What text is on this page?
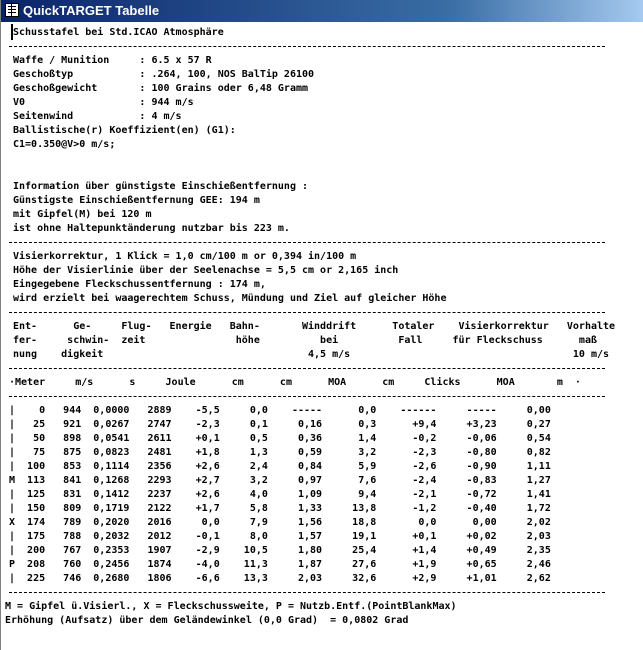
QuickTARGET Tabelle
Schusstafel bei Std.ICAO Atmosphäre
Waffe / Munition     : 6.5 x 57 R
Geschoßtyp           : .264, 100, NOS BalTip 26100
Geschoßgewicht       : 100 Grains oder 6,48 Gramm
V0                   : 944 m/s
Seitenwind           : 4 m/s
Ballistische(r) Koeffizient(en) (G1):
C1=0.350@V>0 m/s;
Information über günstigste Einschießentfernung :
Günstigste Einschießentfernung GEE: 194 m
mit Gipfel(M) bei 120 m
ist ohne Haltepunktänderung nutzbar bis 223 m.
Visierkorrektur, 1 Klick = 1,0 cm/100 m or 0,394 in/100 m
Höhe der Visierlinie über der Seelenachse = 5,5 cm or 2,165 inch
Eingegebene Fleckschussentfernung : 174 m,
wird erzielt bei waagerechtem Schuss, Mündung und Ziel auf gleicher Höhe
Ent-      Ge-     Flug-   Energie   Bahn-       Winddrift      Totaler    Visierkorrektur   Vorhalte
fer-     schwin-  zeit               höhe          bei          Fall     für Fleckschuss      maß
nung    digkeit                                  4,5 m/s                                     10 m/s
·Meter     m/s      s     Joule      cm      cm      MOA      cm     Clicks      MOA       m  ·
|    0   944  0,0000   2889    -5,5     0,0    -----      0,0    ------     -----     0,00
|   25   921  0,0267   2747    -2,3     0,1     0,16      0,3      +9,4     +3,23     0,27
|   50   898  0,0541   2611    +0,1     0,5     0,36      1,4      -0,2     -0,06     0,54
|   75   875  0,0823   2481    +1,8     1,3     0,59      3,2      -2,3     -0,80     0,82
|  100   853  0,1114   2356    +2,6     2,4     0,84      5,9      -2,6     -0,90     1,11
M  113   841  0,1268   2293    +2,7     3,2     0,97      7,6      -2,4     -0,83     1,27
|  125   831  0,1412   2237    +2,6     4,0     1,09      9,4      -2,1     -0,72     1,41
|  150   809  0,1719   2122    +1,7     5,8     1,33     13,8      -1,2     -0,40     1,72
X  174   789  0,2020   2016     0,0     7,9     1,56     18,8       0,0      0,00     2,02
|  175   788  0,2032   2012    -0,1     8,0     1,57     19,1      +0,1     +0,02     2,03
|  200   767  0,2353   1907    -2,9    10,5     1,80     25,4      +1,4     +0,49     2,35
P  208   760  0,2456   1874    -4,0    11,3     1,87     27,6      +1,9     +0,65     2,46
|  225   746  0,2680   1806    -6,6    13,3     2,03     32,6      +2,9     +1,01     2,62
M = Gipfel ü.Visierl., X = Fleckschussweite, P = Nutzb.Entf.(PointBlankMax)
Erhöhung (Aufsatz) über dem Geländewinkel (0,0 Grad)  = 0,0802 Grad
